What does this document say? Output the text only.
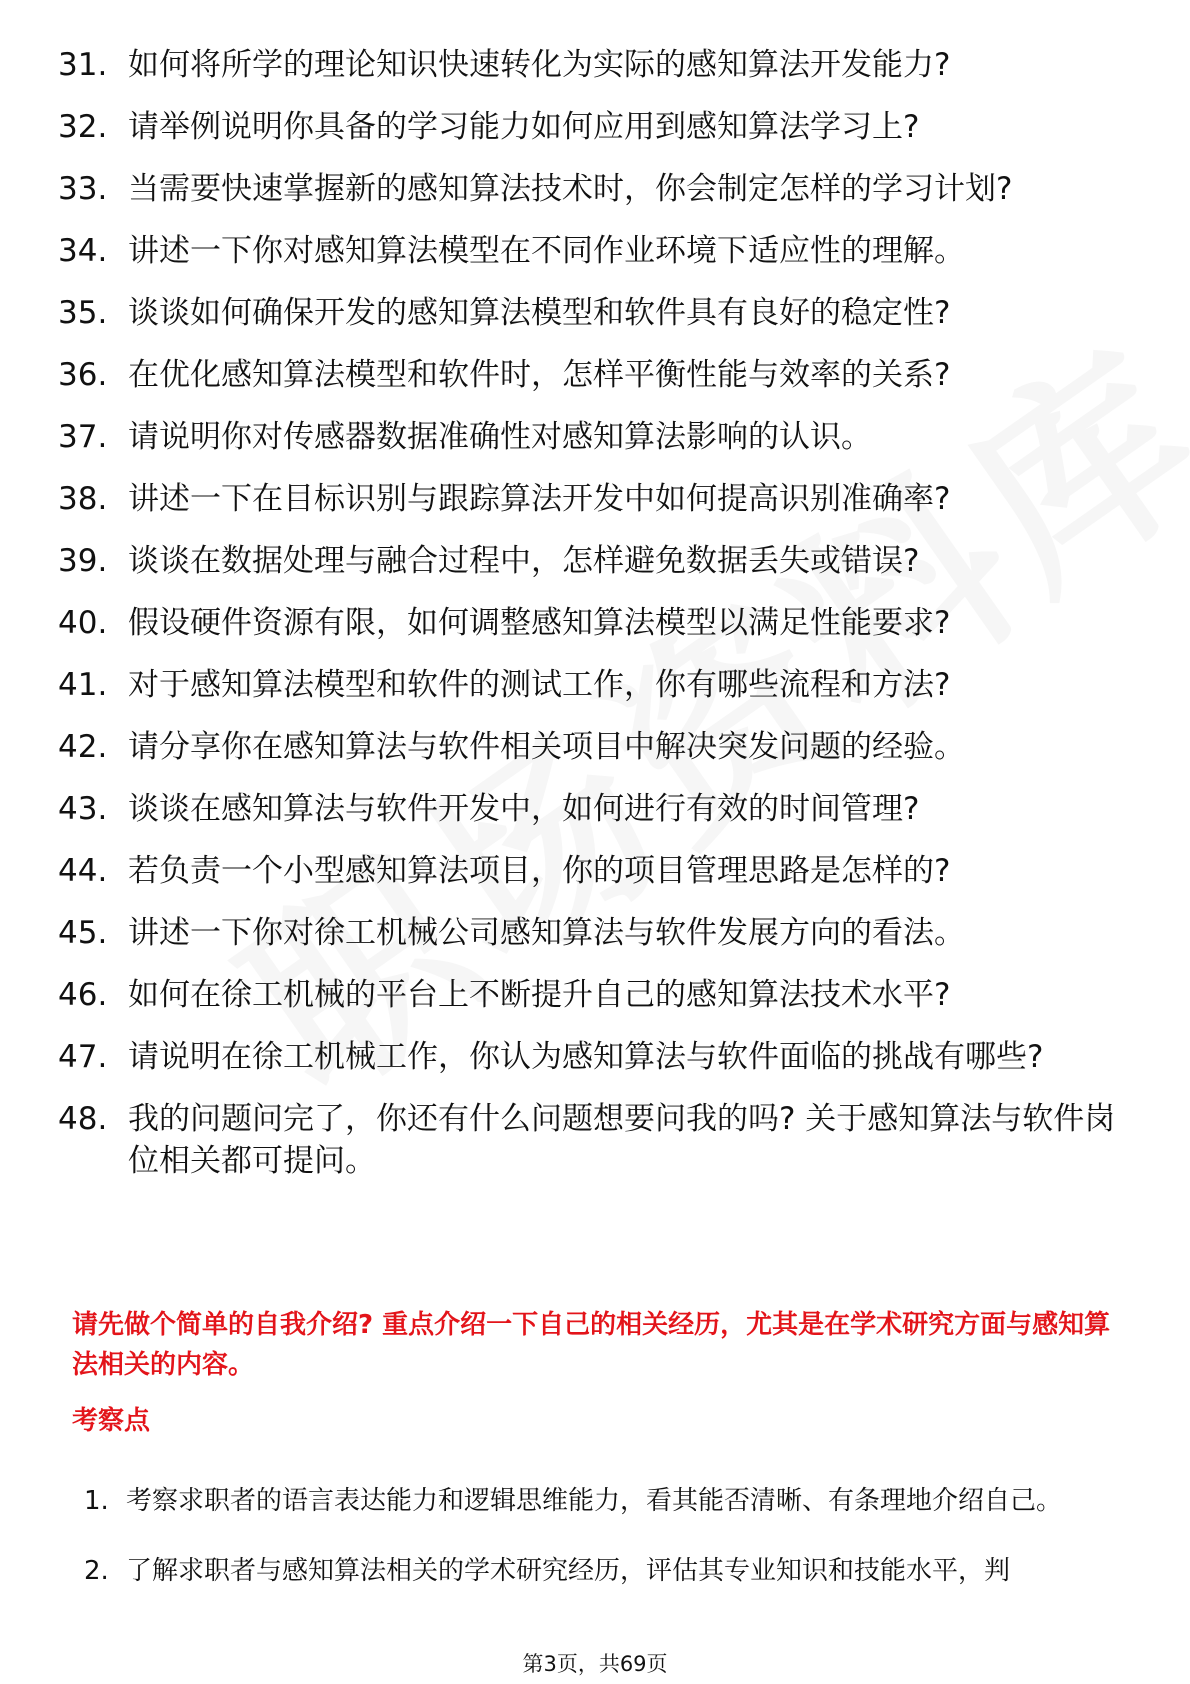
31. 如何将所学的理论知识快速转化为实际的感知算法开发能力?
32. 请举例说明你具备的学习能力如何应用到感知算法学习上?
33. 当需要快速掌握新的感知算法技术时，你会制定怎样的学习计划?
34. 讲述一下你对感知算法模型在不同作业环境下适应性的理解。
35. 谈谈如何确保开发的感知算法模型和软件具有良好的稳定性?
36. 在优化感知算法模型和软件时，怎样平衡性能与效率的关系?
37. 请说明你对传感器数据准确性对感知算法影响的认识。
38. 讲述一下在目标识别与跟踪算法开发中如何提高识别准确率?
39. 谈谈在数据处理与融合过程中，怎样避免数据丢失或错误?
40. 假设硬件资源有限，如何调整感知算法模型以满足性能要求?
41. 对于感知算法模型和软件的测试工作，你有哪些流程和方法?
42. 请分享你在感知算法与软件相关项目中解决突发问题的经验。
43. 谈谈在感知算法与软件开发中，如何进行有效的时间管理?
44. 若负责一个小型感知算法项目，你的项目管理思路是怎样的?
45. 讲述一下你对徐工机械公司感知算法与软件发展方向的看法。
46. 如何在徐工机械的平台上不断提升自己的感知算法技术水平?
47. 请说明在徐工机械工作，你认为感知算法与软件面临的挑战有哪些?
48. 我的问题问完了，你还有什么问题想要问我的吗? 关于感知算法与软件岗位相关都可提问。
请先做个简单的自我介绍? 重点介绍一下自己的相关经历，尤其是在学术研究方面与感知算法相关的内容。
考察点
1. 考察求职者的语言表达能力和逻辑思维能力，看其能否清晰、有条理地介绍自己。
2. 了解求职者与感知算法相关的学术研究经历，评估其专业知识和技能水平，判
第3页，共69页
